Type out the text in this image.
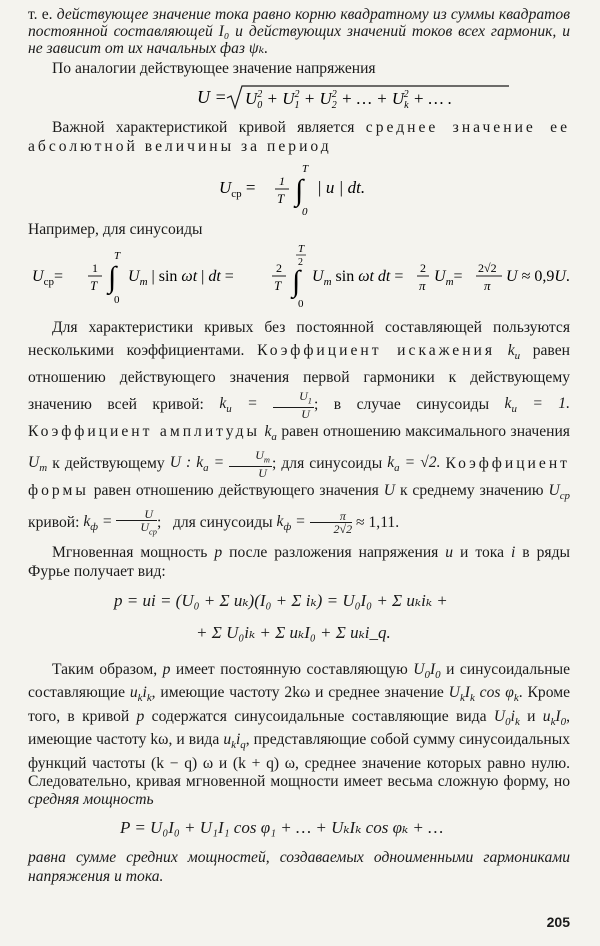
т. е. действующее значение тока равно корню квадратному из суммы квадратов постоянной составляющей I₀ и действующих значений токов всех гармоник, и не зависит от их начальных фаз ψₖ.

По аналогии действующее значение напряжения

$U = U_02 + U_12 + U_22$ + … + $U_k2$ + … .

Важной характеристикой кривой является среднее значение ее абсолютной величины за период

$U_{ср} = 1$
T
T
∫
0
| u | dt.

Например, для синусоиды

$U_{ср}= 1$
T
T
∫
0
$U_m$ | sin ωt | dt =	2
T
T
2
∫
0
$U_m$ sin ωt dt = 2
π
$U_m= 2√2$
π
U ≈ 0,9U.

Для характеристики кривых без постоянной составляющей пользуются несколькими коэффициентами. Коэффициент искажения $k_и$ равен отношению действующего значения первой гармоники к действующему значению всей кривой: $k_и = \frac{U_1}{U}$ ; в случае синусоиды $k_и = 1$. Коэффициент амплитуды $k_a$ равен отношению максимального значения $U_m$ к действующему U : $k_a = \frac{U_m}{U}$ ; для синусоиды $k_a = √2$. Коэффициент формы равен отношению действующего значения U к среднему значению $U_{ср}$ кривой: $k_ф$ =	U
$U_{ср}$
;   для синусоиды $k_ф = \frac{\pi}{2√2} \approx 1,11$.

Мгновенная мощность p после разложения напряжения u и тока i в ряды Фурье получает вид:

p = ui = (U₀ + Σ uₖ)(I₀ + Σ iₖ) = U₀I₀ + Σ uₖiₖ +
+ Σ U₀iₖ + Σ uₖI₀ + Σ uₖi_q.

Таким образом, p имеет постоянную составляющую $U_0I_0$ и синусоидальные составляющие $u_ki_k$, имеющие частоту 2kω и среднее значение $U_kI_k$ $\cos \varphi_k$. Кроме того, в кривой p содержатся синусоидальные составляющие вида $U_0i_k$ и $u_kI_0$, имеющие частоту kω, и вида $u_ki_q$, представляющие собой сумму синусоидальных функций частоты (k − q) ω и (k + q) ω, среднее значение которых равно нулю. Следовательно, кривая мгновенной мощности имеет весьма сложную форму, но средняя мощность

P = U₀I₀ + U₁I₁ cos φ₁ + … + UₖIₖ cos φₖ + …

равна сумме средних мощностей, создаваемых одноименными гармониками напряжения и тока.

205
